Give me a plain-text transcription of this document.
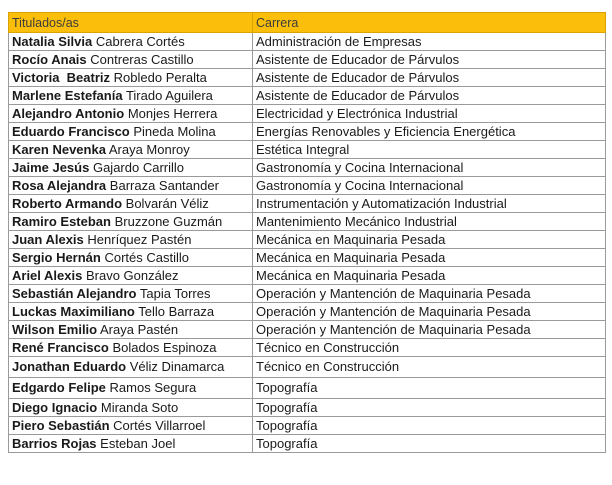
Titulados/as	Carrera
Natalia Silvia Cabrera Cortés	Administración de Empresas
Rocío Anais Contreras Castillo	Asistente de Educador de Párvulos
Victoria  Beatriz Robledo Peralta	Asistente de Educador de Párvulos
Marlene Estefanía Tirado Aguilera	Asistente de Educador de Párvulos
Alejandro Antonio Monjes Herrera	Electricidad y Electrónica Industrial
Eduardo Francisco Pineda Molina	Energías Renovables y Eficiencia Energética
Karen Nevenka Araya Monroy	Estética Integral
Jaime Jesús Gajardo Carrillo	Gastronomía y Cocina Internacional
Rosa Alejandra Barraza Santander	Gastronomía y Cocina Internacional
Roberto Armando Bolvarán Véliz	Instrumentación y Automatización Industrial
Ramiro Esteban Bruzzone Guzmán	Mantenimiento Mecánico Industrial
Juan Alexis Henríquez Pastén	Mecánica en Maquinaria Pesada
Sergio Hernán Cortés Castillo	Mecánica en Maquinaria Pesada
Ariel Alexis Bravo González	Mecánica en Maquinaria Pesada
Sebastián Alejandro Tapia Torres	Operación y Mantención de Maquinaria Pesada
Luckas Maximiliano Tello Barraza	Operación y Mantención de Maquinaria Pesada
Wilson Emilio Araya Pastén	Operación y Mantención de Maquinaria Pesada
René Francisco Bolados Espinoza	Técnico en Construcción
Jonathan Eduardo Véliz Dinamarca	Técnico en Construcción
Edgardo Felipe Ramos Segura	Topografía
Diego Ignacio Miranda Soto	Topografía
Piero Sebastián Cortés Villarroel	Topografía
Barrios Rojas Esteban Joel	Topografía
